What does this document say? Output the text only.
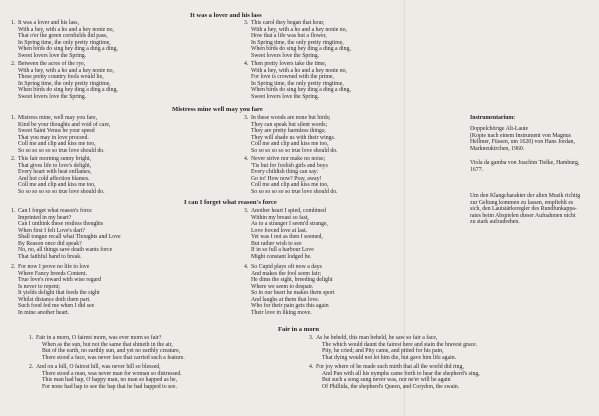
It was a lover and his lass
1. It was a lover and his lass,
With a hey, with a ho and a hey nonie no,
That o'er the green cornfields did pass,
In Spring time, the only pretty ringtime,
When birds do sing hey ding a ding a ding,
Sweet lovers love the Spring.
2. Between the acres of the rye,
With a hey, with a ho and a hey nonie no,
These pretty country fools would lie,
In Spring time, the only pretty ringtime,
When birds do sing hey ding a ding a ding,
Sweet lovers love the Spring.
3. This carol they began that hour,
With a hey, with a ho and a hey nonie no,
How that a life was but a flower,
In Spring time, the only pretty ringtime,
When birds do sing hey ding a ding a ding,
Sweet lovers love the Spring.
4. Then pretty lovers take the time,
With a hey, with a ho and a hey nonie no,
For love is crowned with the prime,
In Spring time, the only pretty ringtime,
When birds do sing hey ding a ding a ding,
Sweet lovers love the Spring.
Mistress mine well may you fare
1. Mistress mine, well may you fare,
Kind be your thoughts and void of care,
Sweet Saint Venus be your speed
That you may in love proceed.
Coll me and clip and kiss me too,
So so so so so so true love should do.
2. This fair morning sunny bright,
That gives life to love's delight,
Every heart with heat enflames,
And hot cold affection blames.
Coll me and clip and kiss me too,
So so so so so so true love should do.
3. In these woods are none but birds;
They can speak but silent words;
They are pretty harmless things;
They will shade us with their wings.
Coll me and clip and kiss me too,
So so so so so so true love should do.
4. Never strive nor make no noise;
'Tis but for foolish girls and boys
Every childish thing can say:
Go to! How now? Pray, away!
Coll me and clip and kiss me too,
So so so so so so true love should do.
I can I forget what reason's force
1. Can I forget what reason's force
Imprinted in my heart?
Can I unthink these restless thoughts
When first I felt Love's dart?
Shall tongue recall what Thoughts and Love
By Reason once did speak?
No, no, all things save death wants force
That faithful band to break.
2. For now I prove no life to love
Where Fancy breeds Content.
True love's reward with wise regard
Is never to repent;
It yields delight that feeds the sight
Whilst distance doth them part.
Such food fed me when I did see
In mine another heart.
3. Another heart I spied, combined
Within my breast so fast,
As to a stranger I seem'd strange,
Love forced love at last.
Yet was I not as then I seemed,
But rather wish to see
If in so full a harbour Love
Might constant lodged be.
4. So Cupid plays oft now a days
And makes the fool seem fair;
He dims the sight, breeding delight
Where we seem to despair.
So in our heart he makes them sport
And laughs at them that love.
Who for their pain gets this again
Their love in liking move.
Fair in a morn
1. Fair in a morn, O fairest morn, was ever morn so fair?
When as the sun, but not the same that shineth in the air,
But of the earth, no earthly sun, and yet no earthly creature,
There stood a face, was never face that carried such a feature.
2. And on a hill, O fairest hill, was never hill so blessed,
There stood a man, was never man for woman so distressed.
This man had hap, O happy man, no man so happed as he,
For none had hap to see the hap that he had happed to see.
3. As he beheld, this man beheld, he saw so fair a face,
The which would daunt the fairest here and stain the bravest grace.
Pity, he cried; and Pity came, and pitied for his pain,
That dying would not let him die, but gave him life again.
4. For joy where of he made such mirth that all the world did ring,
And Pan with all his nymphs came forth to hear the shepherd's sing,
But such a song sung never was, nor ne'er will be again
Of Phillida, the shepherd's Queen, and Corydon, the swain.
Instrumentarium:
Doppelchörige Alt-Laute
(Kopie nach einem Instrument von Magnus
Hellmer, Füssen, um 1620) von Hans Jordan,
Markneukirchen, 1960.
Viola da gamba von Joachim Tielke, Hamburg,
1677.
Um den Klangcharakter der alten Musik richtig
zur Geltung kommen zu lassen, empfiehlt es
sich, den Lautstärkeregler des Rundfunkappa-
rates beim Abspielen dieser Aufnahmen nicht
zu stark aufzudrehen.
